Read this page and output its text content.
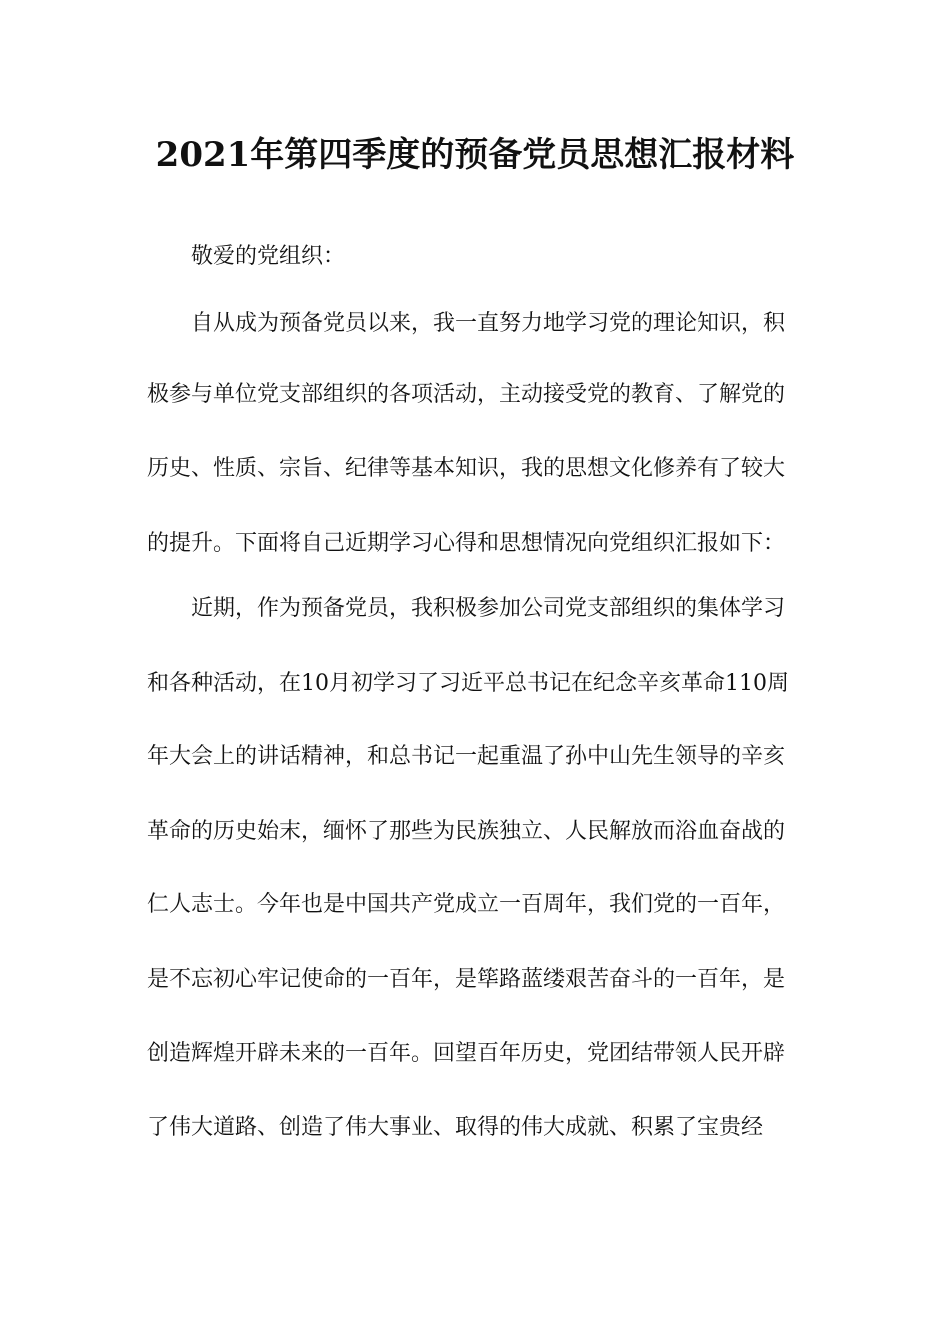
2021年第四季度的预备党员思想汇报材料
敬爱的党组织：
自从成为预备党员以来，我一直努力地学习党的理论知识，积
极参与单位党支部组织的各项活动，主动接受党的教育、了解党的
历史、性质、宗旨、纪律等基本知识，我的思想文化修养有了较大
的提升。下面将自己近期学习心得和思想情况向党组织汇报如下：
近期，作为预备党员，我积极参加公司党支部组织的集体学习
和各种活动，在10月初学习了习近平总书记在纪念辛亥革命110周
年大会上的讲话精神，和总书记一起重温了孙中山先生领导的辛亥
革命的历史始末，缅怀了那些为民族独立、人民解放而浴血奋战的
仁人志士。今年也是中国共产党成立一百周年，我们党的一百年，
是不忘初心牢记使命的一百年，是筚路蓝缕艰苦奋斗的一百年，是
创造辉煌开辟未来的一百年。回望百年历史，党团结带领人民开辟
了伟大道路、创造了伟大事业、取得的伟大成就、积累了宝贵经
